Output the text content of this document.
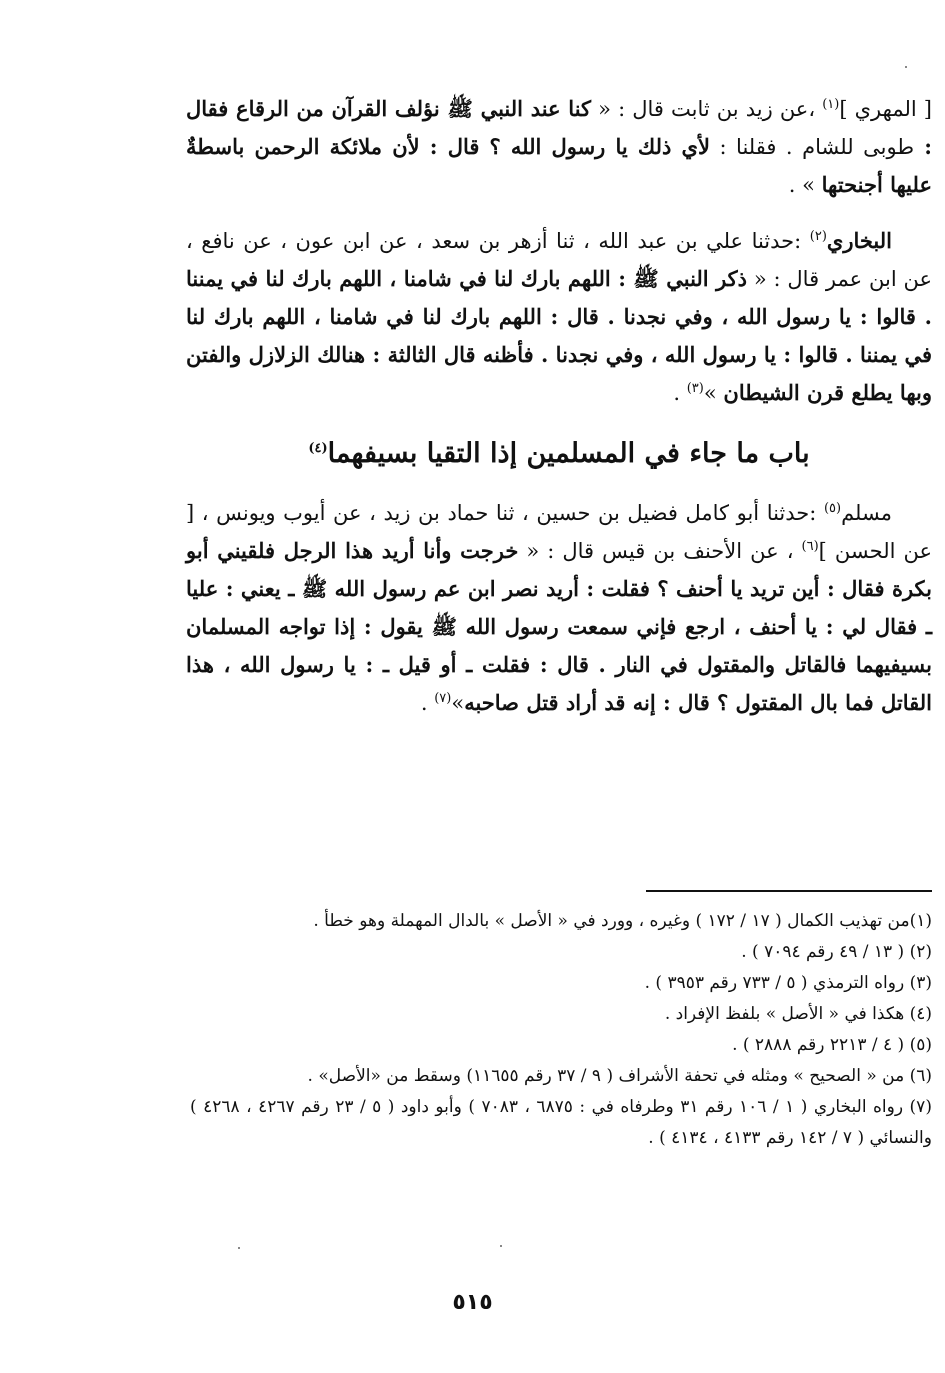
[ المهري ]$^{(١)}$ ،عن زيد بن ثابت قال : « كنا عند النبي ﷺ نؤلف القرآن من الرقاع فقال : طوبى للشام . فقلنا : لأي ذلك يا رسول الله ؟ قال : لأن ملائكة الرحمن باسطةٌ عليها أجنحتها » .

البخاري$^{(٢)}$ :حدثنا علي بن عبد الله ، ثنا أزهر بن سعد ، عن ابن عون ، عن نافع ، عن ابن عمر قال : « ذكر النبي ﷺ : اللهم بارك لنا في شامنا ، اللهم بارك لنا في يمننا . قالوا : يا رسول الله ، وفي نجدنا . قال : اللهم بارك لنا في شامنا ، اللهم بارك لنا في يمننا . قالوا : يا رسول الله ، وفي نجدنا . فأظنه قال الثالثة : هنالك الزلازل والفتن وبها يطلع قرن الشيطان »$^{(٣)}$ .

باب ما جاء في المسلمين إذا التقيا بسيفهما$^{(٤)}$

مسلم$^{(٥)}$ :حدثنا أبو كامل فضيل بن حسين ، ثنا حماد بن زيد ، عن أيوب ويونس ، [ عن الحسن ]$^{(٦)}$ ، عن الأحنف بن قيس قال : « خرجت وأنا أريد هذا الرجل فلقيني أبو بكرة فقال : أين تريد يا أحنف ؟ فقلت : أريد نصر ابن عم رسول الله ﷺ ـ يعني : عليا ـ فقال لي : يا أحنف ، ارجع فإني سمعت رسول الله ﷺ يقول : إذا تواجه المسلمان بسيفيهما فالقاتل والمقتول في النار . قال : فقلت ـ أو قيل ـ : يا رسول الله ، هذا القاتل فما بال المقتول ؟ قال : إنه قد أراد قتل صاحبه»$^{(٧)}$ .

(١)من تهذيب الكمال ( ١٧ / ١٧٢ ) وغيره ، وورد في « الأصل » بالدال المهملة وهو خطأ .

(٢) ( ١٣ / ٤٩ رقم ٧٠٩٤ ) .

(٣) رواه الترمذي ( ٥ / ٧٣٣ رقم ٣٩٥٣ ) .

(٤) هكذا في « الأصل » بلفظ الإفراد .

(٥) ( ٤ / ٢٢١٣ رقم ٢٨٨٨ ) .

(٦) من « الصحيح » ومثله في تحفة الأشراف ( ٩ / ٣٧ رقم ١١٦٥٥) وسقط من «الأصل» .

(٧) رواه البخاري ( ١ / ١٠٦ رقم ٣١ وطرفاه في : ٦٨٧٥ ، ٧٠٨٣ ) وأبو داود ( ٥ / ٢٣ رقم ٤٢٦٧ ، ٤٢٦٨ ) والنسائي ( ٧ / ١٤٢ رقم ٤١٣٣ ، ٤١٣٤ ) .

٥١٥
